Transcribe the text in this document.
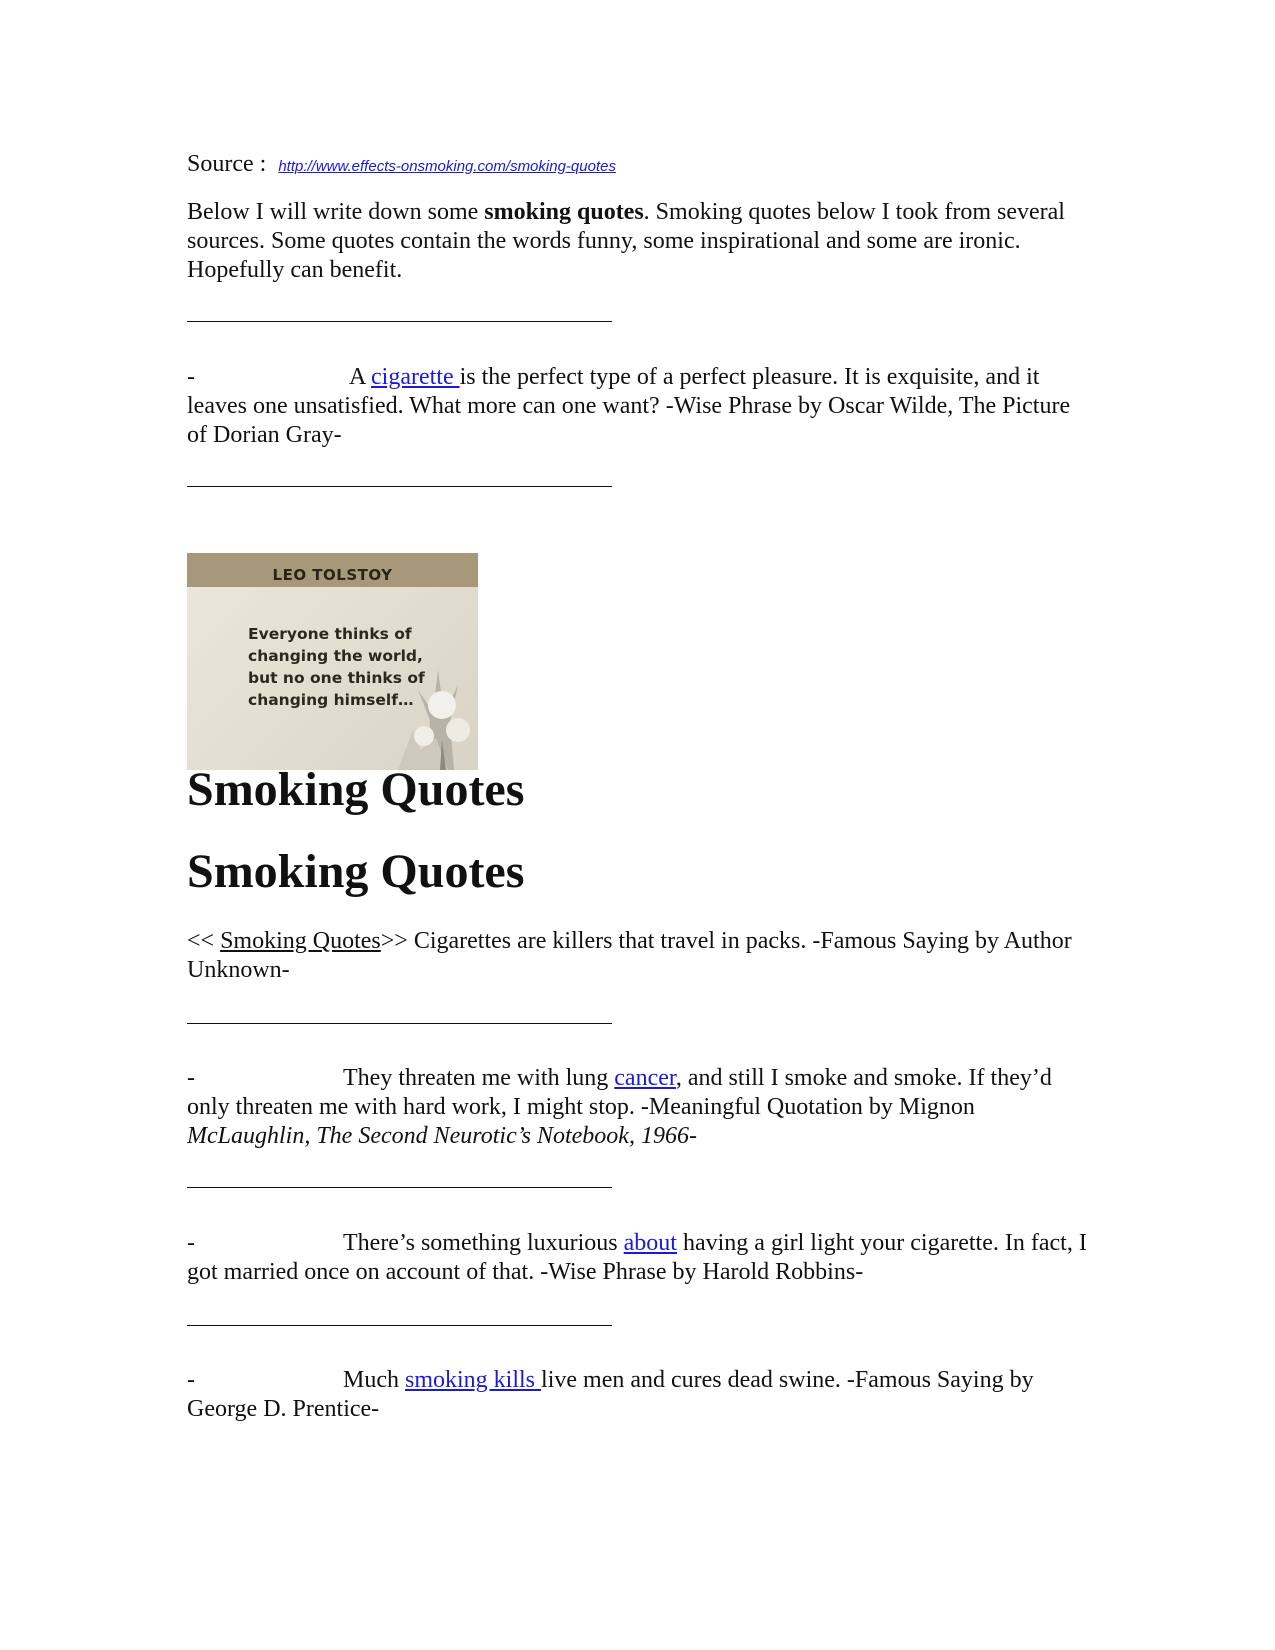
Source : http://www.effects-onsmoking.com/smoking-quotes
Below I will write down some smoking quotes. Smoking quotes below I took from several sources. Some quotes contain the words funny, some inspirational and some are ironic. Hopefully can benefit.
-	A cigarette is the perfect type of a perfect pleasure. It is exquisite, and it leaves one unsatisfied. What more can one want? -Wise Phrase by Oscar Wilde, The Picture of Dorian Gray-
LEO TOLSTOY
Everyone thinks of
changing the world,
but no one thinks of
changing himself…
Smoking Quotes
Smoking Quotes
<< Smoking Quotes>> Cigarettes are killers that travel in packs. -Famous Saying by Author Unknown-
-	They threaten me with lung cancer, and still I smoke and smoke. If they’d only threaten me with hard work, I might stop. -Meaningful Quotation by Mignon McLaughlin, The Second Neurotic’s Notebook, 1966-
-	There’s something luxurious about having a girl light your cigarette. In fact, I got married once on account of that. -Wise Phrase by Harold Robbins-
-	Much smoking kills live men and cures dead swine. -Famous Saying by George D. Prentice-
